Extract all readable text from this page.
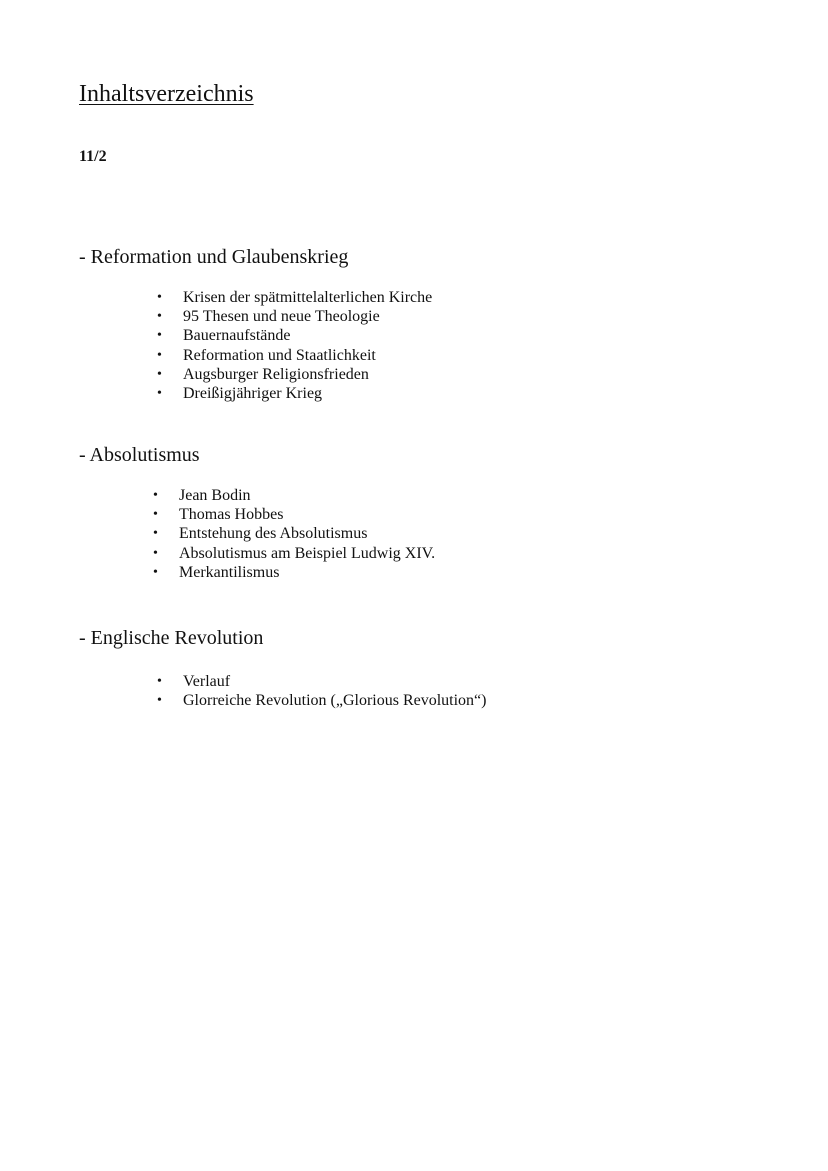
Inhaltsverzeichnis

11/2

- Reformation und Glaubenskrieg
• Krisen der spätmittelalterlichen Kirche
• 95 Thesen und neue Theologie
• Bauernaufstände
• Reformation und Staatlichkeit
• Augsburger Religionsfrieden
• Dreißigjähriger Krieg
- Absolutismus
• Jean Bodin
• Thomas Hobbes
• Entstehung des Absolutismus
• Absolutismus am Beispiel Ludwig XIV.
• Merkantilismus
- Englische Revolution
• Verlauf
• Glorreiche Revolution („Glorious Revolution“)
